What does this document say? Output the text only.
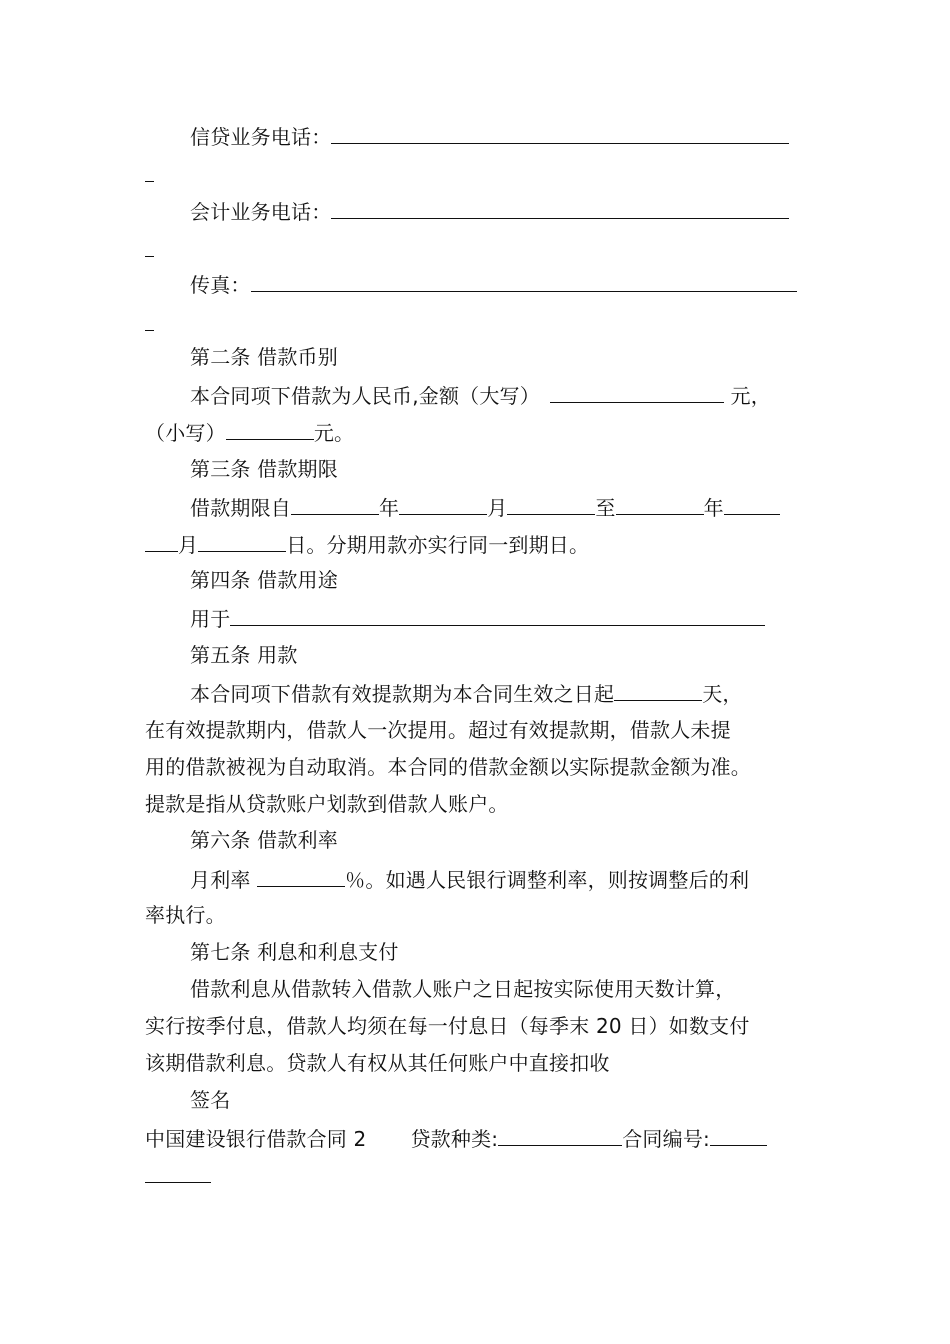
信贷业务电话：
会计业务电话：
传真：
第二条 借款币别
本合同项下借款为人民币,金额（大写）	元，
（小写）	元。
第三条 借款期限
借款期限自	年	月	至	年
月	日。分期用款亦实行同一到期日。
第四条 借款用途
用于
第五条 用款
本合同项下借款有效提款期为本合同生效之日起	天，
在有效提款期内，借款人一次提用。超过有效提款期，借款人未提
用的借款被视为自动取消。本合同的借款金额以实际提款金额为准。
提款是指从贷款账户划款到借款人账户。
第六条 借款利率
月利率	％。如遇人民银行调整利率，则按调整后的利
率执行。
第七条 利息和利息支付
借款利息从借款转入借款人账户之日起按实际使用天数计算，
实行按季付息，借款人均须在每一付息日（每季末 20 日）如数支付
该期借款利息。贷款人有权从其任何账户中直接扣收
签名
中国建设银行借款合同 2 贷款种类:	合同编号:
